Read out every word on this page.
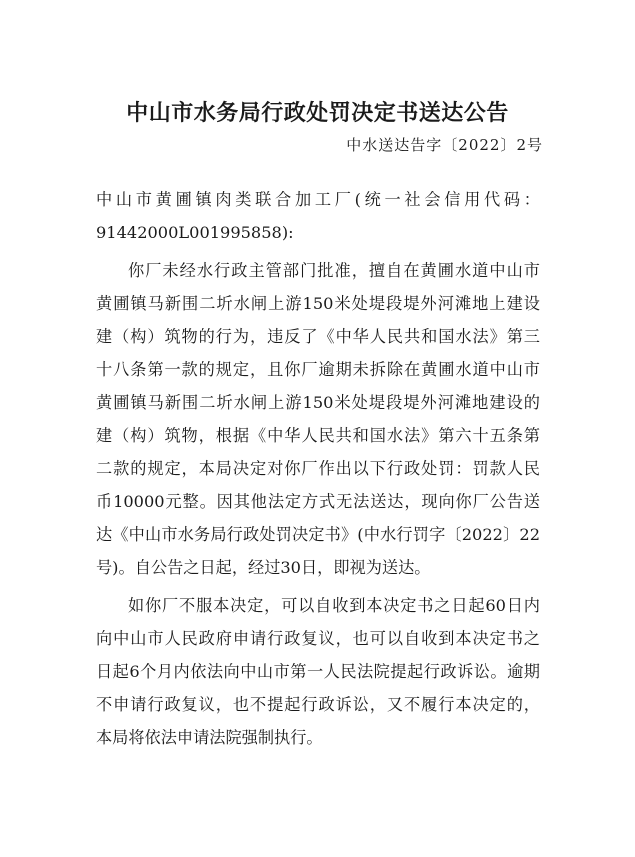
中山市水务局行政处罚决定书送达公告
中水送达告字〔2022〕2号
中山市黄圃镇肉类联合加工厂(统一社会信用代码：
91442000L001995858):
你厂未经水行政主管部门批准，擅自在黄圃水道中山市
黄圃镇马新围二圻水闸上游150米处堤段堤外河滩地上建设
建（构）筑物的行为，违反了《中华人民共和国水法》第三
十八条第一款的规定，且你厂逾期未拆除在黄圃水道中山市
黄圃镇马新围二圻水闸上游150米处堤段堤外河滩地建设的
建（构）筑物，根据《中华人民共和国水法》第六十五条第
二款的规定，本局决定对你厂作出以下行政处罚：罚款人民
币10000元整。因其他法定方式无法送达，现向你厂公告送
达《中山市水务局行政处罚决定书》(中水行罚字〔2022〕22
号)。自公告之日起，经过30日，即视为送达。
如你厂不服本决定，可以自收到本决定书之日起60日内
向中山市人民政府申请行政复议，也可以自收到本决定书之
日起6个月内依法向中山市第一人民法院提起行政诉讼。逾期
不申请行政复议，也不提起行政诉讼，又不履行本决定的，
本局将依法申请法院强制执行。
